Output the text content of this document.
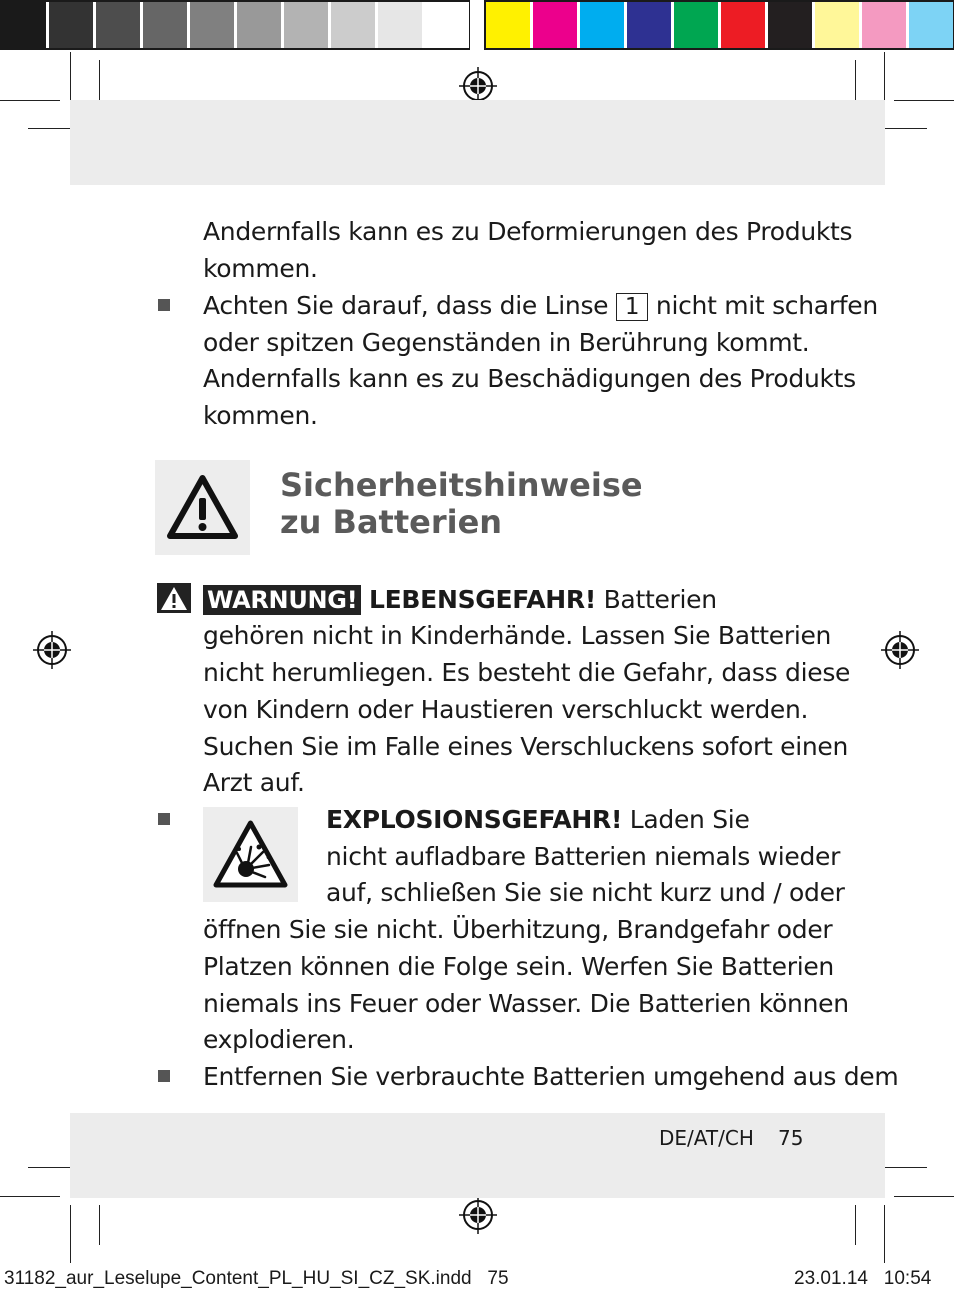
Andernfalls kann es zu Deformierungen des Produkts
kommen.
Achten Sie darauf, dass die Linse 1 nicht mit scharfen
oder spitzen Gegenständen in Berührung kommt.
Andernfalls kann es zu Beschädigungen des Produkts
kommen.
Sicherheitshinweise
zu Batterien
WARNUNG! LEBENSGEFAHR! Batterien
gehören nicht in Kinderhände. Lassen Sie Batterien
nicht herumliegen. Es besteht die Gefahr, dass diese
von Kindern oder Haustieren verschluckt werden.
Suchen Sie im Falle eines Verschluckens sofort einen
Arzt auf.
EXPLOSIONSGEFAHR! Laden Sie
nicht aufladbare Batterien niemals wieder
auf, schließen Sie sie nicht kurz und / oder
öffnen Sie sie nicht. Überhitzung, Brandgefahr oder
Platzen können die Folge sein. Werfen Sie Batterien
niemals ins Feuer oder Wasser. Die Batterien können
explodieren.
Entfernen Sie verbrauchte Batterien umgehend aus dem
DE/AT/CH 75
31182_aur_Leselupe_Content_PL_HU_SI_CZ_SK.indd   75	23.01.14   10:54
